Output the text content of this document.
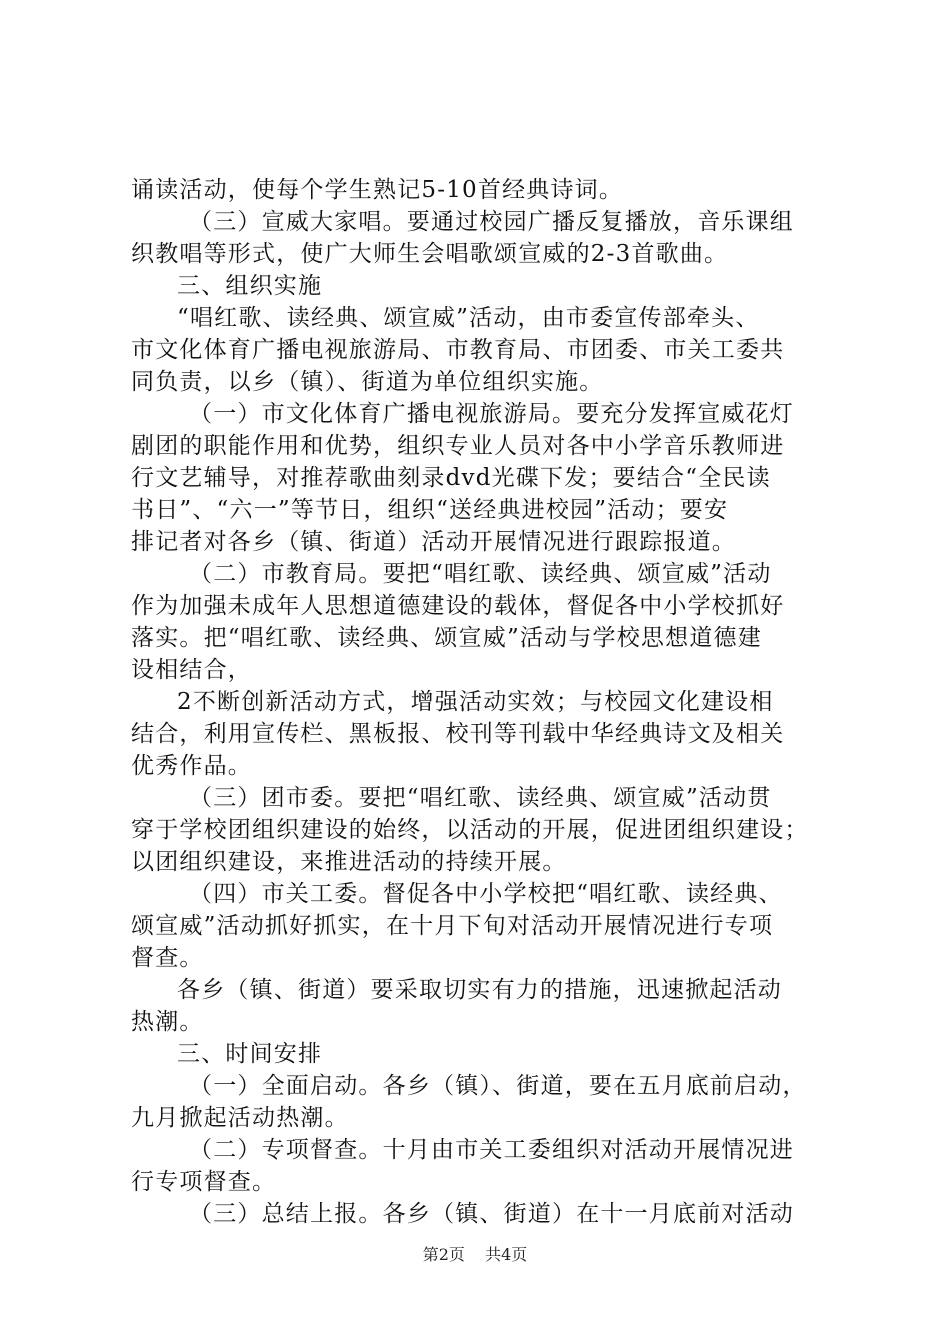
诵读活动，使每个学生熟记5-10首经典诗词。
（三）宣威大家唱。要通过校园广播反复播放，音乐课组
织教唱等形式，使广大师生会唱歌颂宣威的2-3首歌曲。
三、组织实施
“唱红歌、读经典、颂宣威”活动，由市委宣传部牵头、
市文化体育广播电视旅游局、市教育局、市团委、市关工委共
同负责，以乡（镇）、街道为单位组织实施。
（一）市文化体育广播电视旅游局。要充分发挥宣威花灯
剧团的职能作用和优势，组织专业人员对各中小学音乐教师进
行文艺辅导，对推荐歌曲刻录dvd光碟下发；要结合“全民读
书日”、“六一”等节日，组织“送经典进校园”活动；要安
排记者对各乡（镇、街道）活动开展情况进行跟踪报道。
（二）市教育局。要把“唱红歌、读经典、颂宣威”活动
作为加强未成年人思想道德建设的载体，督促各中小学校抓好
落实。把“唱红歌、读经典、颂宣威”活动与学校思想道德建
设相结合，
2不断创新活动方式，增强活动实效；与校园文化建设相
结合，利用宣传栏、黑板报、校刊等刊载中华经典诗文及相关
优秀作品。
（三）团市委。要把“唱红歌、读经典、颂宣威”活动贯
穿于学校团组织建设的始终，以活动的开展，促进团组织建设；
以团组织建设，来推进活动的持续开展。
（四）市关工委。督促各中小学校把“唱红歌、读经典、
颂宣威”活动抓好抓实，在十月下旬对活动开展情况进行专项
督查。
各乡（镇、街道）要采取切实有力的措施，迅速掀起活动
热潮。
三、时间安排
（一）全面启动。各乡（镇）、街道，要在五月底前启动，
九月掀起活动热潮。
（二）专项督查。十月由市关工委组织对活动开展情况进
行专项督查。
（三）总结上报。各乡（镇、街道）在十一月底前对活动
第2页 共4页
